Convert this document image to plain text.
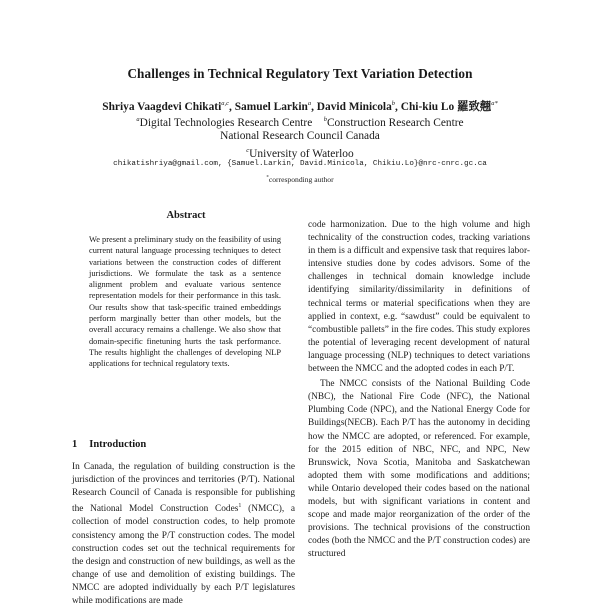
Challenges in Technical Regulatory Text Variation Detection
Shriya Vaagdevi Chikati$^{a,c}$, Samuel Larkin$^a$, David Minicola$^b$, Chi-kiu Lo 羅致翹$^{a*}$
$^a$Digital Technologies Research Centre $^b$Construction Research Centre
National Research Council Canada
$^c$University of Waterloo
chikatishriya@gmail.com, {Samuel.Larkin, David.Minicola, Chikiu.Lo}@nrc-cnrc.gc.ca
*corresponding author
Abstract
We present a preliminary study on the feasibility of using current natural language processing techniques to detect variations between the construction codes of different jurisdictions. We formulate the task as a sentence alignment problem and evaluate various sentence representation models for their performance in this task. Our results show that task-specific trained embeddings perform marginally better than other models, but the overall accuracy remains a challenge. We also show that domain-specific finetuning hurts the task performance. The results highlight the challenges of developing NLP applications for technical regulatory texts.
1 Introduction

In Canada, the regulation of building construction is the jurisdiction of the provinces and territories (P/T). National Research Council of Canada is responsible for publishing the National Model Construction Codes$^1$ (NMCC), a collection of model construction codes, to help promote consistency among the P/T construction codes. The model construction codes set out the technical requirements for the design and construction of new buildings, as well as the change of use and demolition of existing buildings. The NMCC are adopted individually by each P/T legislatures while modifications are made

code harmonization. Due to the high volume and high technicality of the construction codes, tracking variations in them is a difficult and expensive task that requires labor-intensive studies done by codes advisors. Some of the challenges in technical domain knowledge include identifying similarity/dissimilarity in definitions of technical terms or material specifications when they are applied in context, e.g. “sawdust” could be equivalent to “combustible pallets” in the fire codes. This study explores the potential of leveraging recent development of natural language processing (NLP) techniques to detect variations between the NMCC and the adopted codes in each P/T.

The NMCC consists of the National Building Code (NBC), the National Fire Code (NFC), the National Plumbing Code (NPC), and the National Energy Code for Buildings(NECB). Each P/T has the autonomy in deciding how the NMCC are adopted, or referenced. For example, for the 2015 edition of NBC, NFC, and NPC, New Brunswick, Nova Scotia, Manitoba and Saskatchewan adopted them with some modifications and additions; while Ontario developed their codes based on the national models, but with significant variations in content and scope and made major reorganization of the order of the provisions. The technical provisions of the construction codes (both the NMCC and the P/T construction codes) are structured
